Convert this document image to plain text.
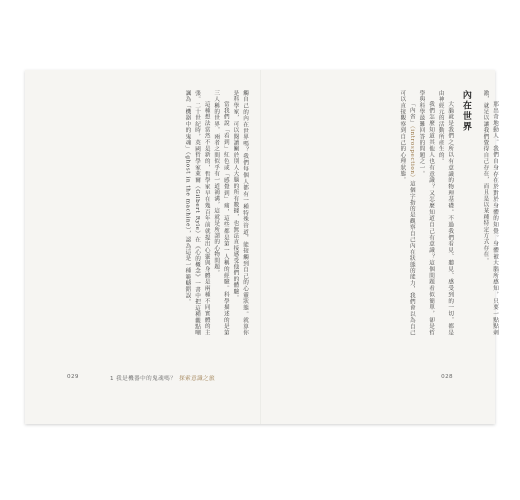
那出奇地動人。我們自身存在於對於身體的知覺。身體被大腦所感知，只要一點點刺激，就足以讓我們覺得自己存在，而且是以某種特定方式存在。

內在世界

大腦就是我們之所以有意識的物理基礎。不過我們看見、聽見、感受到的一切，都是由神經元的活動所產生的。

我們怎麼知道其他人也有意識？又怎麼知道自己有意識？這個問題看似簡單，卻是哲學與科學最難回答的問題之一。

「內省」（introspection）這個字指的是觀察自己內在狀態的能力，我們會以為自己可以直接觀察到自己的心理狀態。

觸自己的內在世界嗎？我們每個人都有一種特殊管道，能接觸到自己的心靈狀態。就算你是科學家，可以閱讀關於別人大腦的所有數據，也無法直接感受他們的體驗。

當我們說「看到」紅色或「感覺到」痛，這些都是第一人稱的經驗。科學描述的是第三人稱的世界，兩者之間似乎有一道鴻溝，這就是所謂的心物問題。

這種想法當然不是新的，哲學家早在幾百年前就提出心靈與身體是兩種不同實體的主張。二十世紀時，英國哲學家萊爾（Gilbert Ryle）在《心的概念》一書中把這種觀點嘲諷為「機器中的鬼魂」（ghost in the machine），認為這是一種範疇錯誤。

029	1 我是機器中的鬼魂嗎？ 探索意識之旅	028
